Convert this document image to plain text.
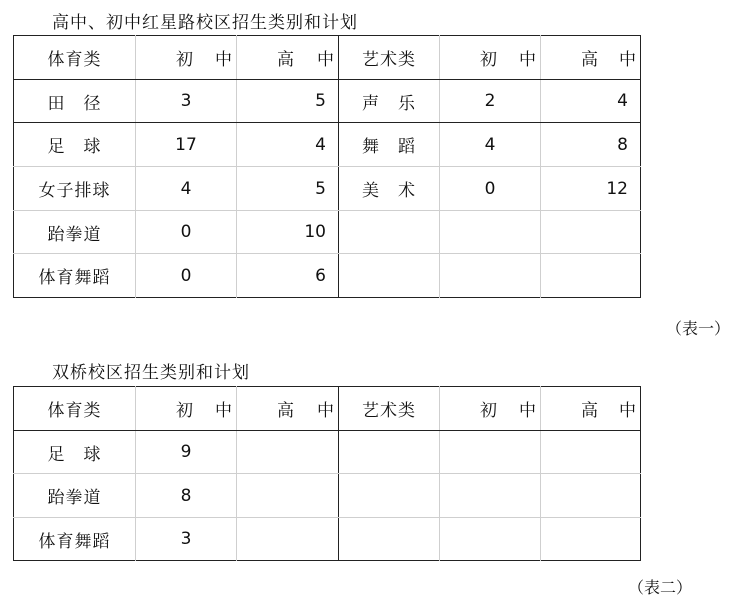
高中、初中红星路校区招生类别和计划
体育类	初 中	高 中	艺术类	初 中	高 中

田　径	3	5	声　乐	2	4
足　球	17	4	舞　蹈	4	8
女子排球	4	5	美　术	0	12
跆拳道	0	10			
体育舞蹈	0	6			
（表一）
双桥校区招生类别和计划
体育类	初 中	高 中	艺术类	初 中	高 中

足　球	9				
跆拳道	8				
体育舞蹈	3				
（表二）
